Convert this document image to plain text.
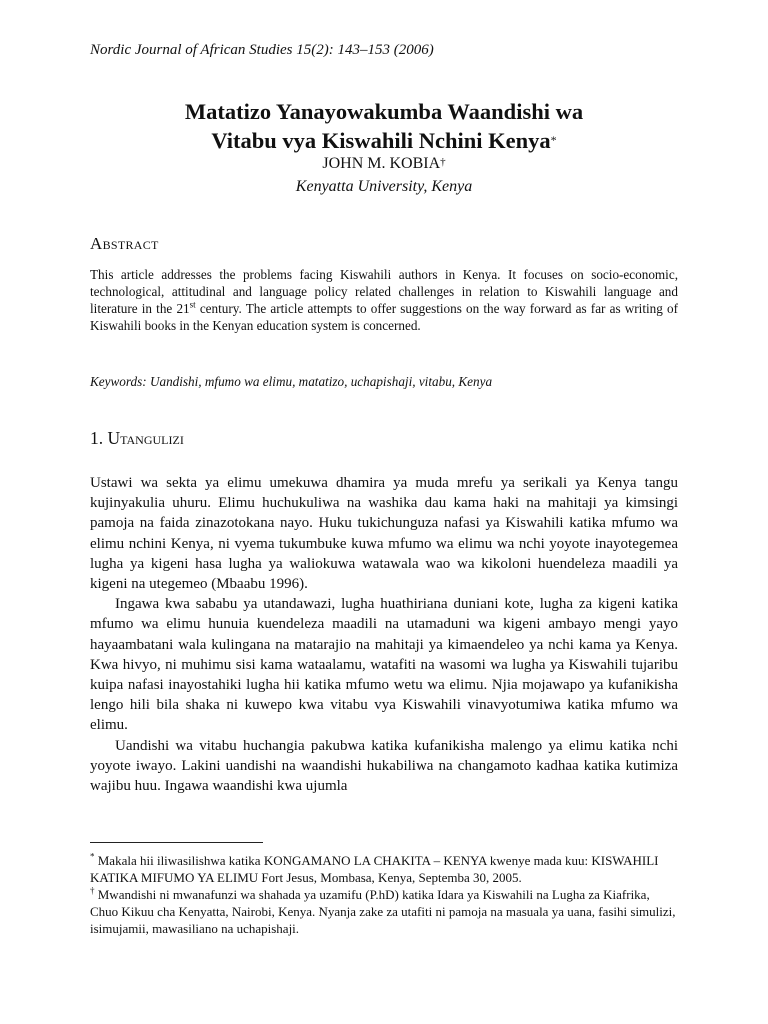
Nordic Journal of African Studies 15(2): 143–153 (2006)
Matatizo Yanayowakumba Waandishi wa
Vitabu vya Kiswahili Nchini Kenya*
JOHN M. KOBIA†
Kenyatta University, Kenya
Abstract
This article addresses the problems facing Kiswahili authors in Kenya. It focuses on socio-economic, technological, attitudinal and language policy related challenges in relation to Kiswahili language and literature in the 21st century. The article attempts to offer suggestions on the way forward as far as writing of Kiswahili books in the Kenyan education system is concerned.
Keywords: Uandishi, mfumo wa elimu, matatizo, uchapishaji, vitabu, Kenya
1. Utangulizi

Ustawi wa sekta ya elimu umekuwa dhamira ya muda mrefu ya serikali ya Kenya tangu kujinyakulia uhuru. Elimu huchukuliwa na washika dau kama haki na mahitaji ya kimsingi pamoja na faida zinazotokana nayo. Huku tukichunguza nafasi ya Kiswahili katika mfumo wa elimu nchini Kenya, ni vyema tukumbuke kuwa mfumo wa elimu wa nchi yoyote inayotegemea lugha ya kigeni hasa lugha ya waliokuwa watawala wao wa kikoloni huendeleza maadili ya kigeni na utegemeo (Mbaabu 1996).

Ingawa kwa sababu ya utandawazi, lugha huathiriana duniani kote, lugha za kigeni katika mfumo wa elimu hunuia kuendeleza maadili na utamaduni wa kigeni ambayo mengi yayo hayaambatani wala kulingana na matarajio na mahitaji ya kimaendeleo ya nchi kama ya Kenya. Kwa hivyo, ni muhimu sisi kama wataalamu, watafiti na wasomi wa lugha ya Kiswahili tujaribu kuipa nafasi inayostahiki lugha hii katika mfumo wetu wa elimu. Njia mojawapo ya kufanikisha lengo hili bila shaka ni kuwepo kwa vitabu vya Kiswahili vinavyotumiwa katika mfumo wa elimu.

Uandishi wa vitabu huchangia pakubwa katika kufanikisha malengo ya elimu katika nchi yoyote iwayo. Lakini uandishi na waandishi hukabiliwa na changamoto kadhaa katika kutimiza wajibu huu. Ingawa waandishi kwa ujumla

* Makala hii iliwasilishwa katika KONGAMANO LA CHAKITA – KENYA kwenye mada kuu: KISWAHILI KATIKA MIFUMO YA ELIMU Fort Jesus, Mombasa, Kenya, Septemba 30, 2005.

† Mwandishi ni mwanafunzi wa shahada ya uzamifu (P.hD) katika Idara ya Kiswahili na Lugha za Kiafrika, Chuo Kikuu cha Kenyatta, Nairobi, Kenya. Nyanja zake za utafiti ni pamoja na masuala ya uana, fasihi simulizi, isimujamii, mawasiliano na uchapishaji.
